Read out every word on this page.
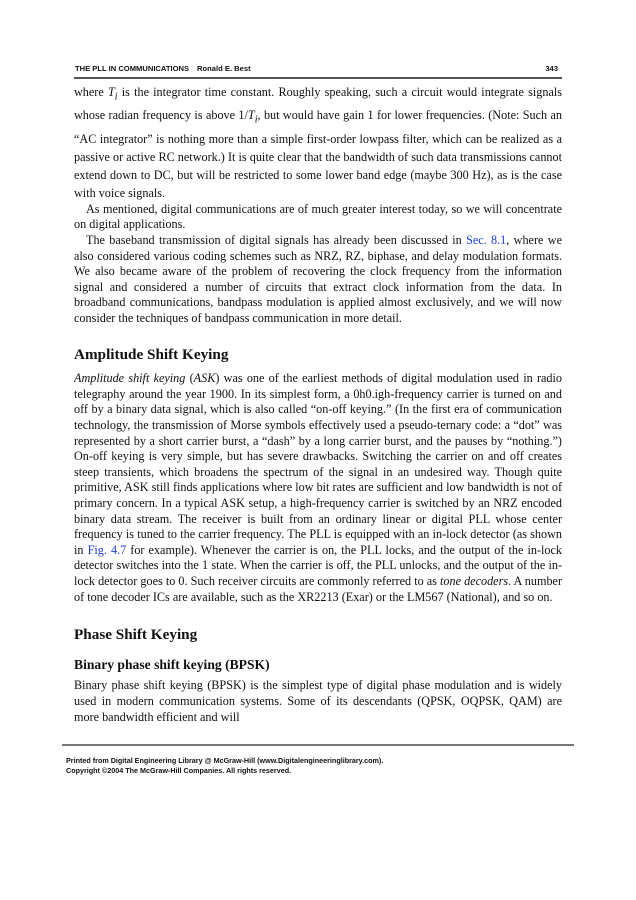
THE PLL IN COMMUNICATIONS Ronald E. Best	343

where $T_i$ is the integrator time constant. Roughly speaking, such a circuit would integrate signals whose radian frequency is above $1/T_i$, but would have gain 1 for lower frequencies. (Note: Such an “AC integrator” is nothing more than a simple first-order lowpass filter, which can be realized as a passive or active RC network.) It is quite clear that the bandwidth of such data transmissions cannot extend down to DC, but will be restricted to some lower band edge (maybe 300 Hz), as is the case with voice signals.

As mentioned, digital communications are of much greater interest today, so we will concentrate on digital applications.

The baseband transmission of digital signals has already been discussed in Sec. 8.1, where we also considered various coding schemes such as NRZ, RZ, biphase, and delay modulation formats. We also became aware of the problem of recovering the clock frequency from the information signal and considered a number of circuits that extract clock information from the data. In broadband communications, bandpass modulation is applied almost exclusively, and we will now consider the techniques of bandpass communication in more detail.

Amplitude Shift Keying

Amplitude shift keying (ASK) was one of the earliest methods of digital modulation used in radio telegraphy around the year 1900. In its simplest form, a 0h0.igh-frequency carrier is turned on and off by a binary data signal, which is also called “on-off keying.” (In the first era of communication technology, the transmission of Morse symbols effectively used a pseudo-ternary code: a “dot” was represented by a short carrier burst, a “dash” by a long carrier burst, and the pauses by “nothing.”) On-off keying is very simple, but has severe drawbacks. Switching the carrier on and off creates steep transients, which broadens the spectrum of the signal in an undesired way. Though quite primitive, ASK still finds applications where low bit rates are sufficient and low bandwidth is not of primary concern. In a typical ASK setup, a high-frequency carrier is switched by an NRZ encoded binary data stream. The receiver is built from an ordinary linear or digital PLL whose center frequency is tuned to the carrier frequency. The PLL is equipped with an in-lock detector (as shown in Fig. 4.7 for example). Whenever the carrier is on, the PLL locks, and the output of the in-lock detector switches into the 1 state. When the carrier is off, the PLL unlocks, and the output of the in-lock detector goes to 0. Such receiver circuits are commonly referred to as tone decoders. A number of tone decoder ICs are available, such as the XR2213 (Exar) or the LM567 (National), and so on.

Phase Shift Keying
Binary phase shift keying (BPSK)

Binary phase shift keying (BPSK) is the simplest type of digital phase modulation and is widely used in modern communication systems. Some of its descendants (QPSK, OQPSK, QAM) are more bandwidth efficient and will

Printed from Digital Engineering Library @ McGraw-Hill (www.Digitalengineeringlibrary.com).
Copyright ©2004 The McGraw-Hill Companies. All rights reserved.
